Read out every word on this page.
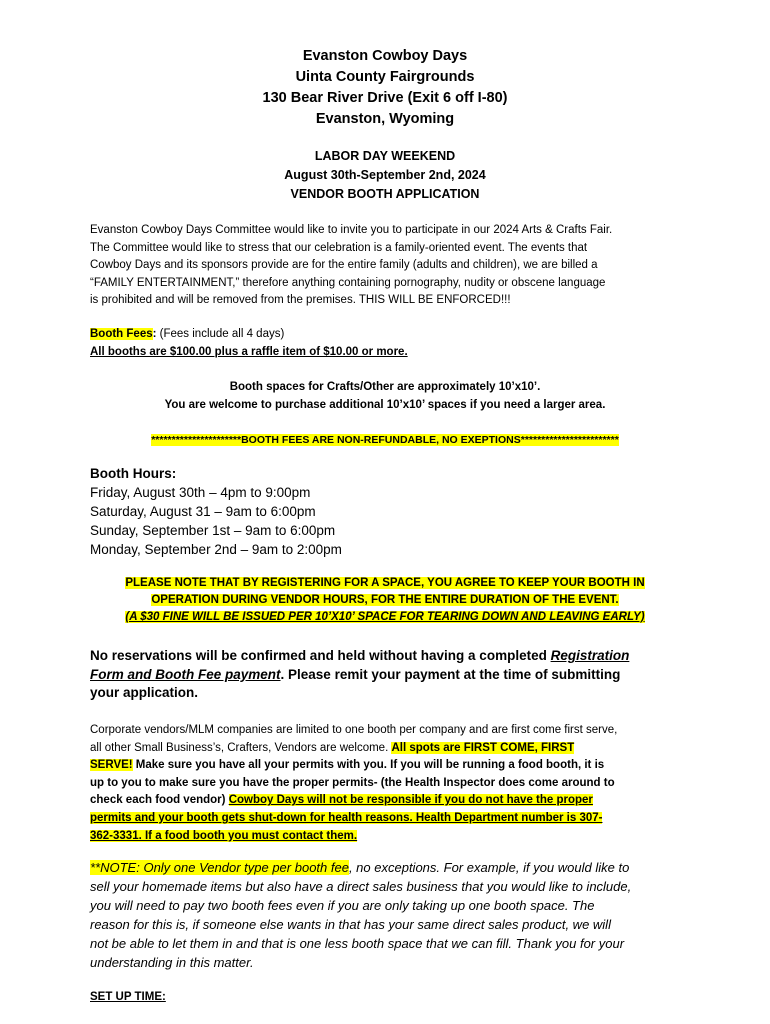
Evanston Cowboy Days
Uinta County Fairgrounds
130 Bear River Drive (Exit 6 off I-80)
Evanston, Wyoming
LABOR DAY WEEKEND
August 30th-September 2nd, 2024
VENDOR BOOTH APPLICATION
Evanston Cowboy Days Committee would like to invite you to participate in our 2024 Arts & Crafts Fair.
The Committee would like to stress that our celebration is a family-oriented event. The events that
Cowboy Days and its sponsors provide are for the entire family (adults and children), we are billed a
“FAMILY ENTERTAINMENT,” therefore anything containing pornography, nudity or obscene language
is prohibited and will be removed from the premises. THIS WILL BE ENFORCED!!!
Booth Fees: (Fees include all 4 days)
All booths are $100.00 plus a raffle item of $10.00 or more.
Booth spaces for Crafts/Other are approximately 10’x10’.
You are welcome to purchase additional 10’x10’ spaces if you need a larger area.
**********************BOOTH FEES ARE NON-REFUNDABLE, NO EXEPTIONS************************
Booth Hours:
Friday, August 30th – 4pm to 9:00pm
Saturday, August 31 – 9am to 6:00pm
Sunday, September 1st – 9am to 6:00pm
Monday, September 2nd – 9am to 2:00pm
PLEASE NOTE THAT BY REGISTERING FOR A SPACE, YOU AGREE TO KEEP YOUR BOOTH IN
OPERATION DURING VENDOR HOURS, FOR THE ENTIRE DURATION OF THE EVENT.
(A $30 FINE WILL BE ISSUED PER 10’X10’ SPACE FOR TEARING DOWN AND LEAVING EARLY)
No reservations will be confirmed and held without having a completed Registration
Form and Booth Fee payment. Please remit your payment at the time of submitting
your application.
Corporate vendors/MLM companies are limited to one booth per company and are first come first serve,
all other Small Business’s, Crafters, Vendors are welcome. All spots are FIRST COME, FIRST
SERVE! Make sure you have all your permits with you. If you will be running a food booth, it is
up to you to make sure you have the proper permits- (the Health Inspector does come around to
check each food vendor) Cowboy Days will not be responsible if you do not have the proper
permits and your booth gets shut-down for health reasons. Health Department number is 307-
362-3331. If a food booth you must contact them.
**NOTE: Only one Vendor type per booth fee, no exceptions. For example, if you would like to
sell your homemade items but also have a direct sales business that you would like to include,
you will need to pay two booth fees even if you are only taking up one booth space. The
reason for this is, if someone else wants in that has your same direct sales product, we will
not be able to let them in and that is one less booth space that we can fill. Thank you for your
understanding in this matter.
SET UP TIME:
